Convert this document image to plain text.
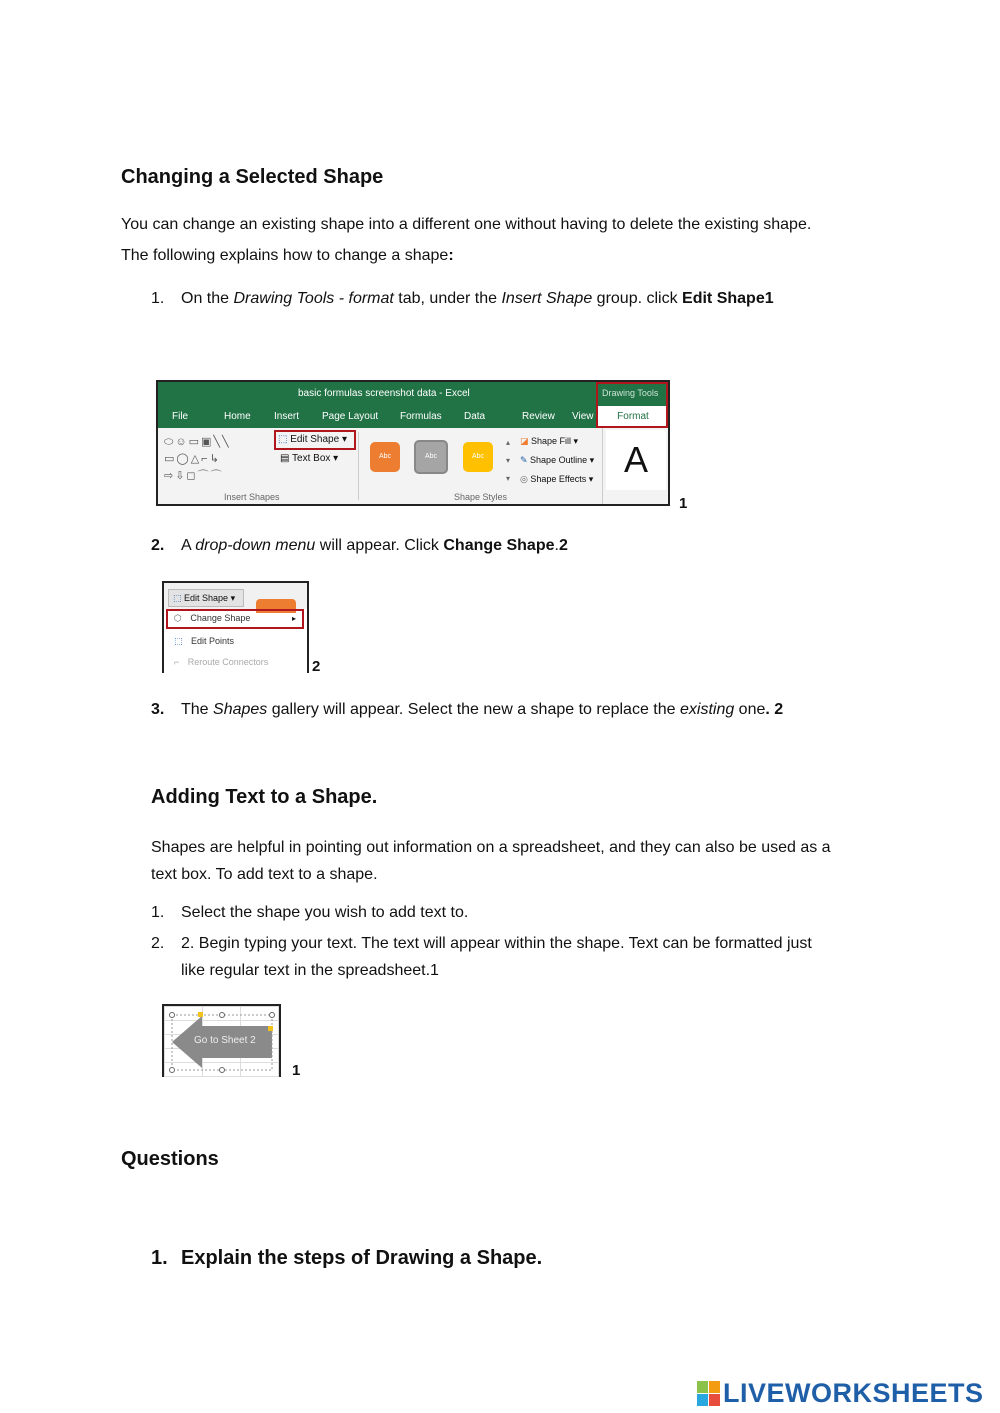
Changing a Selected Shape
You can change an existing shape into a different one without having to delete the existing shape.
The following explains how to change a shape:
1. On the Drawing Tools - format tab, under the Insert Shape group. click Edit Shape1
basic formulas screenshot data - Excel	Drawing Tools
File	Home	Insert	Page Layout	Formulas	Data	Review	View	Format
⬭☺▭▣╲╲
▭◯△⌐↳
⇨⇩◻⌒⌒
⬚ Edit Shape ▾
▤ Text Box ▾
Insert Shapes
Abc	Abc	Abc
▴
▾
▾
Shape Styles
◪ Shape Fill ▾
✎ Shape Outline ▾
◎ Shape Effects ▾ A
1
2. A drop-down menu will appear. Click Change Shape.2
⬚ Edit Shape ▾
⬡ Change Shape	▸
⬚ Edit Points
⌐ Reroute Connectors	2
3. The Shapes gallery will appear. Select the new a shape to replace the existing one. 2
Adding Text to a Shape.
Shapes are helpful in pointing out information on a spreadsheet, and they can also be used as a
text box. To add text to a shape.
1. Select the shape you wish to add text to.
2. 2. Begin typing your text. The text will appear within the shape. Text can be formatted just
like regular text in the spreadsheet.1
Go to Sheet 2
1
Questions
1. Explain the steps of Drawing a Shape.
LIVEWORKSHEETS
